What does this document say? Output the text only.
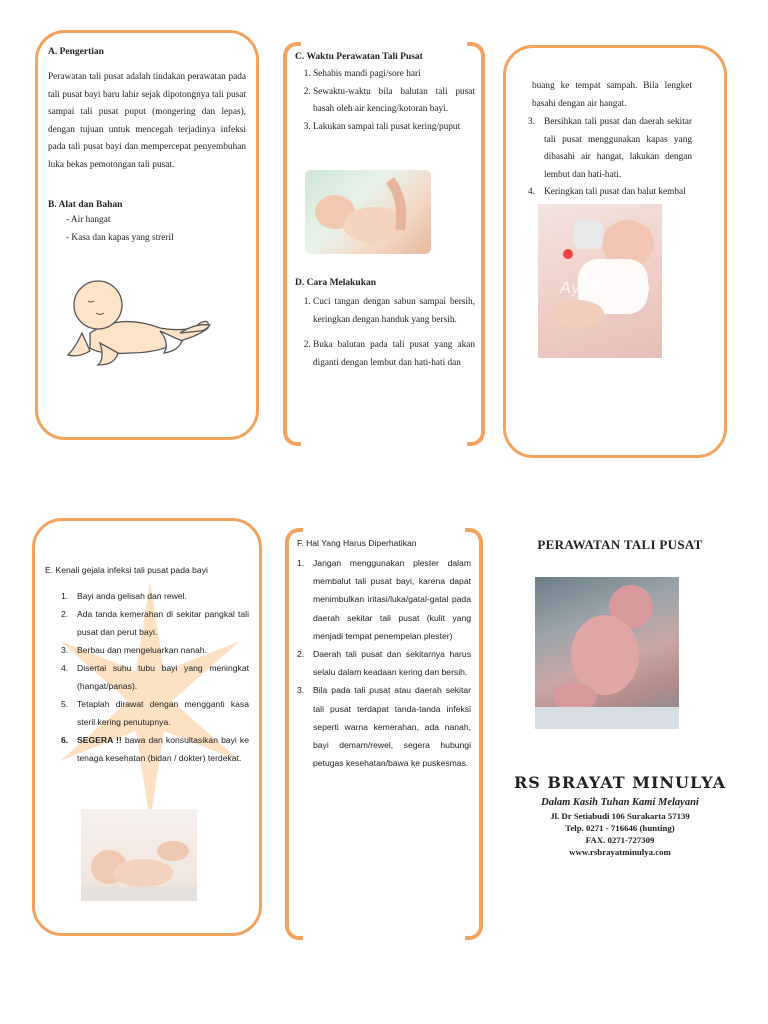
A. Pengertian

Perawatan tali pusat adalah tindakan perawatan pada tali pusat bayi baru lahir sejak dipotongnya tali pusat sampai tali pusat puput (mongering dan lepas), dengan tujuan untuk mencegah terjadinya infeksi pada tali pusat bayi dan mempercepat penyembuhan luka bekas pemotongan tali pusat.

B. Alat dan Bahan
- Air hangat
- Kasa dan kapas yang streril
C. Waktu Perawatan Tali Pusat
1. Sehabis mandi pagi/sore hari
2. Sewaktu-waktu bila balutan tali pusat basah oleh air kencing/kotoran bayi.
3. Lakukan sampai tali pusat kering/puput
D. Cara Melakukan
1. Cuci tangan dengan sabun sampai bersih, keringkan dengan handuk yang bersih.
2. Buka balutan pada tali pusat yang akan diganti dengan lembut dan hati-hati dan

buang ke tempat sampah. Bila lengket basahi dengan air hangat.

3. Bersihkan tali pusat dan daerah sekitar tali pusat menggunakan kapas yang dibasahi air hangat, lakukan dengan lembut dan hati-hati.
4. Keringkan tali pusat dan balut kembal
Ayahbunda

E. Kenali gejala infeksi tali pusat pada bayi

1.	Bayi anda gelisah dan rewel.
2.	Ada tanda kemerahan di sekitar pangkal tali pusat dan perut bayi.
3.	Berbau dan mengeluarkan nanah.
4.	Disertai suhu tubu bayi yang meningkat (hangat/panas).
5.	Tetaplah dirawat dengan mengganti kasa steril kering penutupnya.
6.	SEGERA !! bawa dan konsultasikan bayi ke tenaga kesehatan (bidan / dokter) terdekat.

F. Hal Yang Harus Diperhatikan

1.	Jangan menggunakan plester dalam membalut tali pusat bayi, karena dapat menimbulkan iritasi/luka/gatal-gatal pada daerah sekitar tali pusat (kulit yang menjadi tempat penempelan plester)
2.	Daerah tali pusat dan sekitarnya harus selalu dalam keadaan kering dan bersih.
3.	Bila pada tali pusat atau daerah sekitar tali pusat terdapat tanda-tanda infeksi seperti warna kemerahan, ada nanah, bayi demam/rewel, segera hubungi petugas kesehatan/bawa ke puskesmas.
PERAWATAN TALI PUSAT
RS BRAYAT MINULYA
Dalam Kasih Tuhan Kami Melayani
Jl. Dr Setiabudi 106 Surakarta 57139
Telp. 0271 - 716646 (hunting)
FAX. 0271-727309
www.rsbrayatminulya.com
